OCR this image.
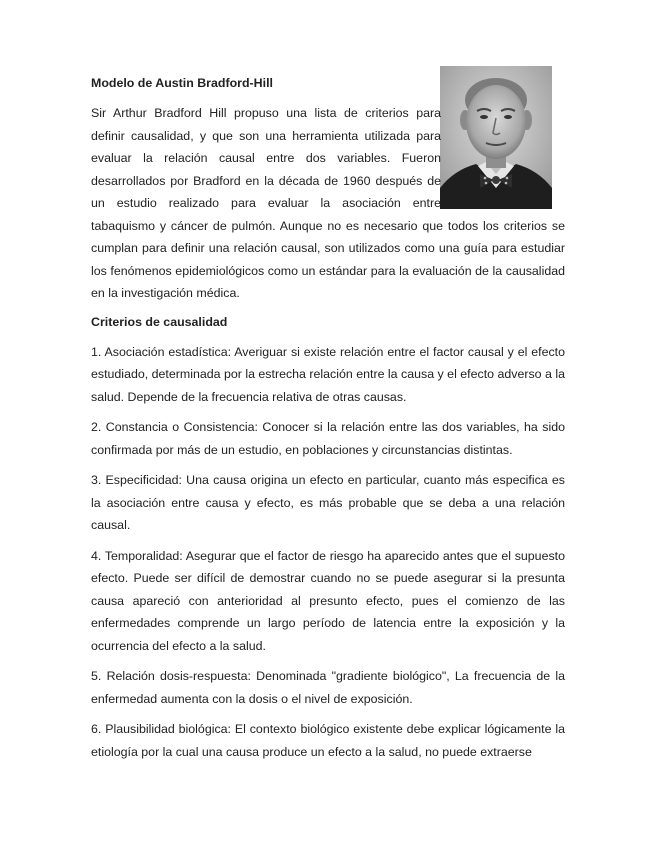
Modelo de Austin Bradford-Hill

Sir Arthur Bradford Hill propuso una lista de criterios para definir causalidad, y que son una herramienta utilizada para evaluar la relación causal entre dos variables. Fueron desarrollados por Bradford en la década de 1960 después de un estudio realizado para evaluar la asociación entre tabaquismo y cáncer de pulmón. Aunque no es necesario que todos los criterios se cumplan para definir una relación causal, son utilizados como una guía para estudiar los fenómenos epidemiológicos como un estándar para la evaluación de la causalidad en la investigación médica.

Criterios de causalidad

1. Asociación estadística: Averiguar si existe relación entre el factor causal y el efecto estudiado, determinada por la estrecha relación entre la causa y el efecto adverso a la salud. Depende de la frecuencia relativa de otras causas.

2. Constancia o Consistencia: Conocer si la relación entre las dos variables, ha sido confirmada por más de un estudio, en poblaciones y circunstancias distintas.

3. Especificidad: Una causa origina un efecto en particular, cuanto más especifica es la asociación entre causa y efecto, es más probable que se deba a una relación causal.

4. Temporalidad: Asegurar que el factor de riesgo ha aparecido antes que el supuesto efecto. Puede ser difícil de demostrar cuando no se puede asegurar si la presunta causa apareció con anterioridad al presunto efecto, pues el comienzo de las enfermedades comprende un largo período de latencia entre la exposición y la ocurrencia del efecto a la salud.

5. Relación dosis-respuesta: Denominada "gradiente biológico", La frecuencia de la enfermedad aumenta con la dosis o el nivel de exposición.

6. Plausibilidad biológica: El contexto biológico existente debe explicar lógicamente la etiología por la cual una causa produce un efecto a la salud, no puede extraerse
